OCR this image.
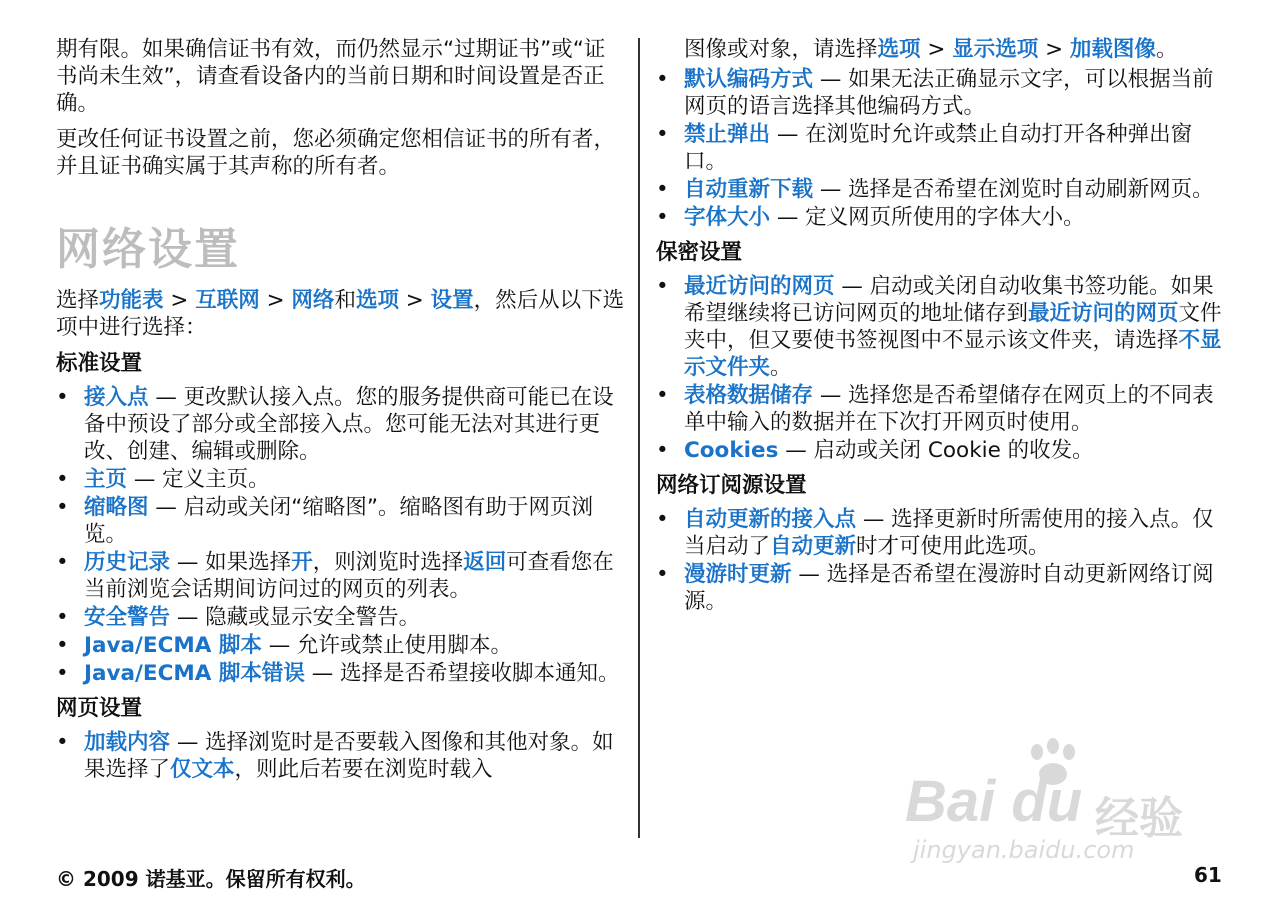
期有限。如果确信证书有效，而仍然显示“过期证书”或“证书尚未生效”，请查看设备内的当前日期和时间设置是否正确。

更改任何证书设置之前，您必须确定您相信证书的所有者，并且证书确实属于其声称的所有者。

网络设置

选择功能表 > 互联网 > 网络和选项 > 设置，然后从以下选项中进行选择：

标准设置
• 接入点 — 更改默认接入点。您的服务提供商可能已在设备中预设了部分或全部接入点。您可能无法对其进行更改、创建、编辑或删除。
• 主页 — 定义主页。
• 缩略图 — 启动或关闭“缩略图”。缩略图有助于网页浏览。
• 历史记录 — 如果选择开，则浏览时选择返回可查看您在当前浏览会话期间访问过的网页的列表。
• 安全警告 — 隐藏或显示安全警告。
• Java/ECMA 脚本 — 允许或禁止使用脚本。
• Java/ECMA 脚本错误 — 选择是否希望接收脚本通知。
网页设置
• 加载内容 — 选择浏览时是否要载入图像和其他对象。如果选择了仅文本，则此后若要在浏览时载入

图像或对象，请选择选项 > 显示选项 > 加载图像。

• 默认编码方式 — 如果无法正确显示文字，可以根据当前网页的语言选择其他编码方式。
• 禁止弹出 — 在浏览时允许或禁止自动打开各种弹出窗口。
• 自动重新下载 — 选择是否希望在浏览时自动刷新网页。
• 字体大小 — 定义网页所使用的字体大小。
保密设置
• 最近访问的网页 — 启动或关闭自动收集书签功能。如果希望继续将已访问网页的地址储存到最近访问的网页文件夹中，但又要使书签视图中不显示该文件夹，请选择不显示文件夹。
• 表格数据储存 — 选择您是否希望储存在网页上的不同表单中输入的数据并在下次打开网页时使用。
• Cookies — 启动或关闭 Cookie 的收发。
网络订阅源设置
• 自动更新的接入点 — 选择更新时所需使用的接入点。仅当启动了自动更新时才可使用此选项。
• 漫游时更新 — 选择是否希望在漫游时自动更新网络订阅源。
Bai du 经验
jingyan.baidu.com
© 2009 诺基亚。保留所有权利。	61
